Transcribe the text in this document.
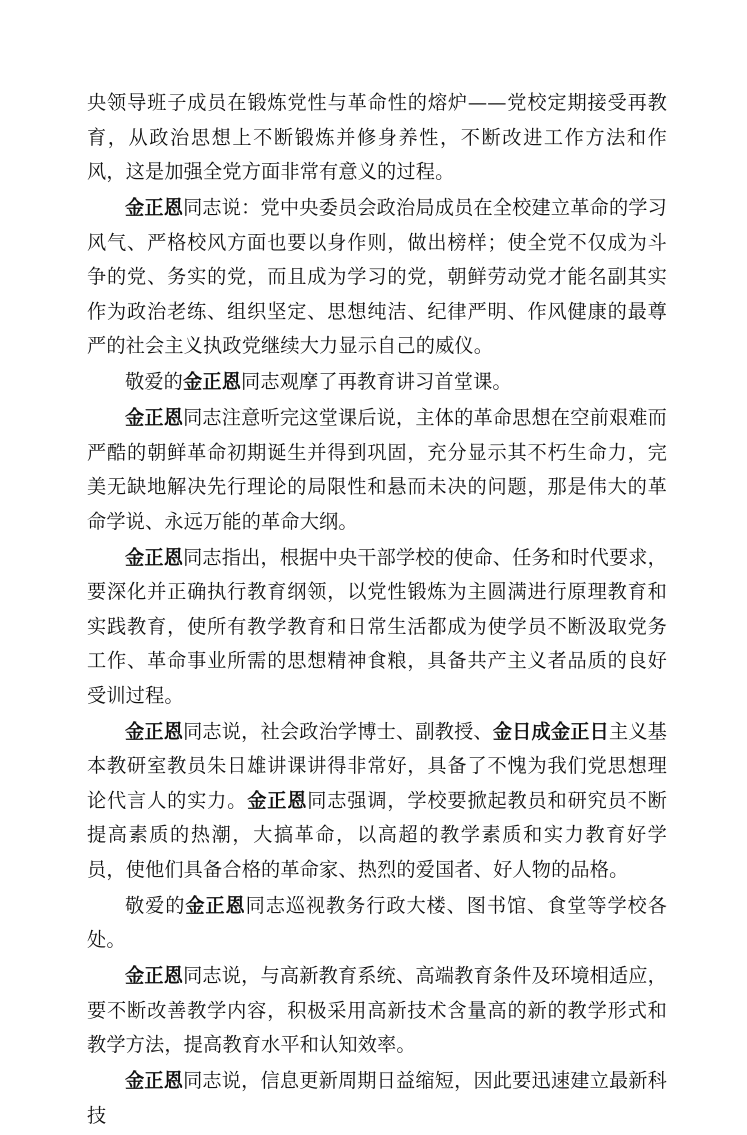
央领导班子成员在锻炼党性与革命性的熔炉——党校定期接受再教育，从政治思想上不断锻炼并修身养性，不断改进工作方法和作风，这是加强全党方面非常有意义的过程。

金正恩同志说：党中央委员会政治局成员在全校建立革命的学习风气、严格校风方面也要以身作则，做出榜样；使全党不仅成为斗争的党、务实的党，而且成为学习的党，朝鲜劳动党才能名副其实作为政治老练、组织坚定、思想纯洁、纪律严明、作风健康的最尊严的社会主义执政党继续大力显示自己的威仪。

敬爱的金正恩同志观摩了再教育讲习首堂课。

金正恩同志注意听完这堂课后说，主体的革命思想在空前艰难而严酷的朝鲜革命初期诞生并得到巩固，充分显示其不朽生命力，完美无缺地解决先行理论的局限性和悬而未决的问题，那是伟大的革命学说、永远万能的革命大纲。

金正恩同志指出，根据中央干部学校的使命、任务和时代要求，要深化并正确执行教育纲领，以党性锻炼为主圆满进行原理教育和实践教育，使所有教学教育和日常生活都成为使学员不断汲取党务工作、革命事业所需的思想精神食粮，具备共产主义者品质的良好受训过程。

金正恩同志说，社会政治学博士、副教授、金日成金正日主义基本教研室教员朱日雄讲课讲得非常好，具备了不愧为我们党思想理论代言人的实力。金正恩同志强调，学校要掀起教员和研究员不断提高素质的热潮，大搞革命，以高超的教学素质和实力教育好学员，使他们具备合格的革命家、热烈的爱国者、好人物的品格。

敬爱的金正恩同志巡视教务行政大楼、图书馆、食堂等学校各处。

金正恩同志说，与高新教育系统、高端教育条件及环境相适应，要不断改善教学内容，积极采用高新技术含量高的新的教学形式和教学方法，提高教育水平和认知效率。

金正恩同志说，信息更新周期日益缩短，因此要迅速建立最新科技
